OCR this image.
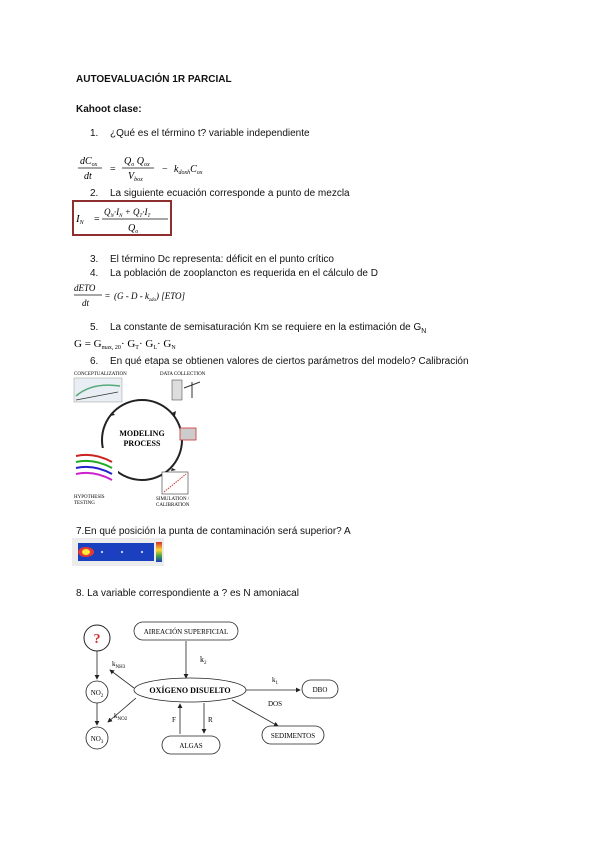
AUTOEVALUACIÓN 1R PARCIAL
Kahoot clase:
1. ¿Qué es el término t? variable independiente
$dC_{ox}$
dt
=
$Q_o$ $Q_{ox}$
$V_{box}$
− $k_{doxh}C_{ox}$
2. La siguiente ecuación corresponde a punto de mezcla
IN =
$Q_N\cdot I_N + Q_T\cdot I_T$
$Q_o$
3. El término Dc representa: déficit en el punto crítico
4. La población de zooplancton es requerida en el cálculo de D
dETO
dt
= (G - D - $k_{zdo}$) [ETO]
5. La constante de semisaturación Km se requiere en la estimación de $G_N$
G = Gmax, 20· GT· GL· GN
6. En qué etapa se obtienen valores de ciertos parámetros del modelo? Calibración
CONCEPTUALIZATION	DATA COLLECTION
MODELING
PROCESS
HYPOTHESIS
TESTING
SIMULATION /
CALIBRATION
7.En qué posición la punta de contaminación será superior? A
8. La variable correspondiente a ? es N amoniacal
?	AIREACIÓN SUPERFICIAL
$k_2$
OXÍGENO DISUELTO
$NO_2$
$NO_3$
$k_{NH3}$
$k_{NO2}$
$k_1$
DBO
F	R
ALGAS
DOS
SEDIMENTOS
